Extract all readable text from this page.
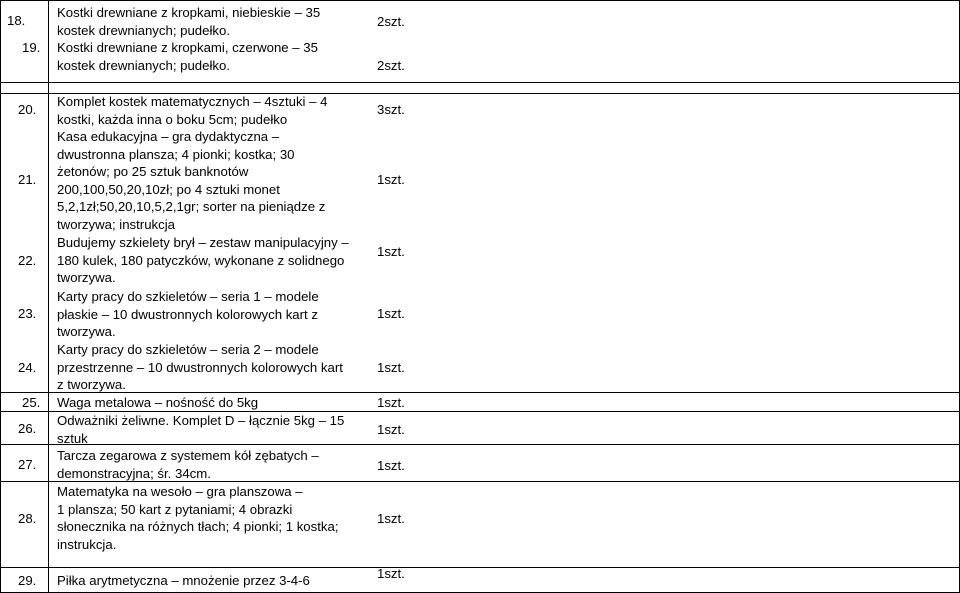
18.
Kostki drewniane z kropkami, niebieskie – 35
kostek drewnianych; pudełko.
2szt.
19. Kostki drewniane z kropkami, czerwone – 35
kostek drewnianych; pudełko.	2szt.
20.
Komplet kostek matematycznych – 4sztuki – 4
kostki, każda inna o boku 5cm; pudełko
3szt.
21.
Kasa edukacyjna – gra dydaktyczna –
dwustronna plansza; 4 pionki; kostka; 30
żetonów; po 25 sztuk banknotów
200,100,50,20,10zł; po 4 sztuki monet
5,2,1zł;50,20,10,5,2,1gr; sorter na pieniądze z
tworzywa; instrukcja
1szt.
22.
Budujemy szkielety brył – zestaw manipulacyjny –
180 kulek, 180 patyczków, wykonane z solidnego
tworzywa.
1szt.
23.
Karty pracy do szkieletów – seria 1 – modele
płaskie – 10 dwustronnych kolorowych kart z
tworzywa.
1szt.
24.
Karty pracy do szkieletów – seria 2 – modele
przestrzenne – 10 dwustronnych kolorowych kart
z tworzywa.
1szt.
25. Waga metalowa – nośność do 5kg	1szt.
26.
Odważniki żeliwne. Komplet D – łącznie 5kg – 15
sztuk
1szt.
27.
Tarcza zegarowa z systemem kół zębatych –
demonstracyjna; śr. 34cm.
1szt.
28.
Matematyka na wesoło – gra planszowa –
1 plansza; 50 kart z pytaniami; 4 obrazki
słonecznika na różnych tłach; 4 pionki; 1 kostka;
instrukcja.
1szt.
29. Piłka arytmetyczna – mnożenie przez 3-4-6	1szt.
